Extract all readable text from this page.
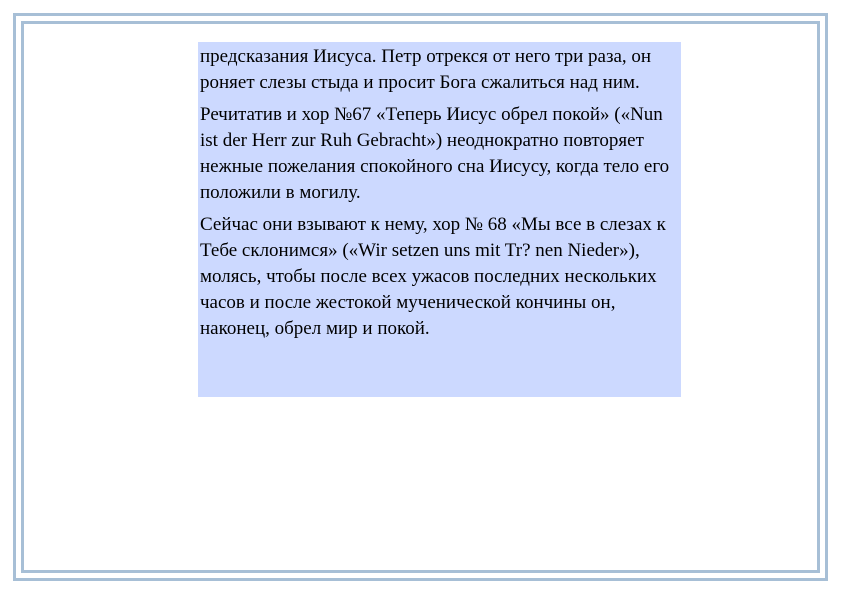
предсказания Иисуса. Петр отрекся от него три раза, он роняет слезы стыда и просит Бога сжалиться над ним.

Речитатив и хор №67 «Теперь Иисус обрел покой» («Nun ist der Herr zur Ruh Gebracht») неоднократно повторяет нежные пожелания спокойного сна Иисусу, когда тело его положили в могилу.

Сейчас они взывают к нему, хор № 68 «Мы все в слезах к Тебе склонимся» («Wir setzen uns mit Tr? nen Nieder»), молясь, чтобы после всех ужасов последних нескольких часов и после жестокой мученической кончины он, наконец, обрел мир и покой.
